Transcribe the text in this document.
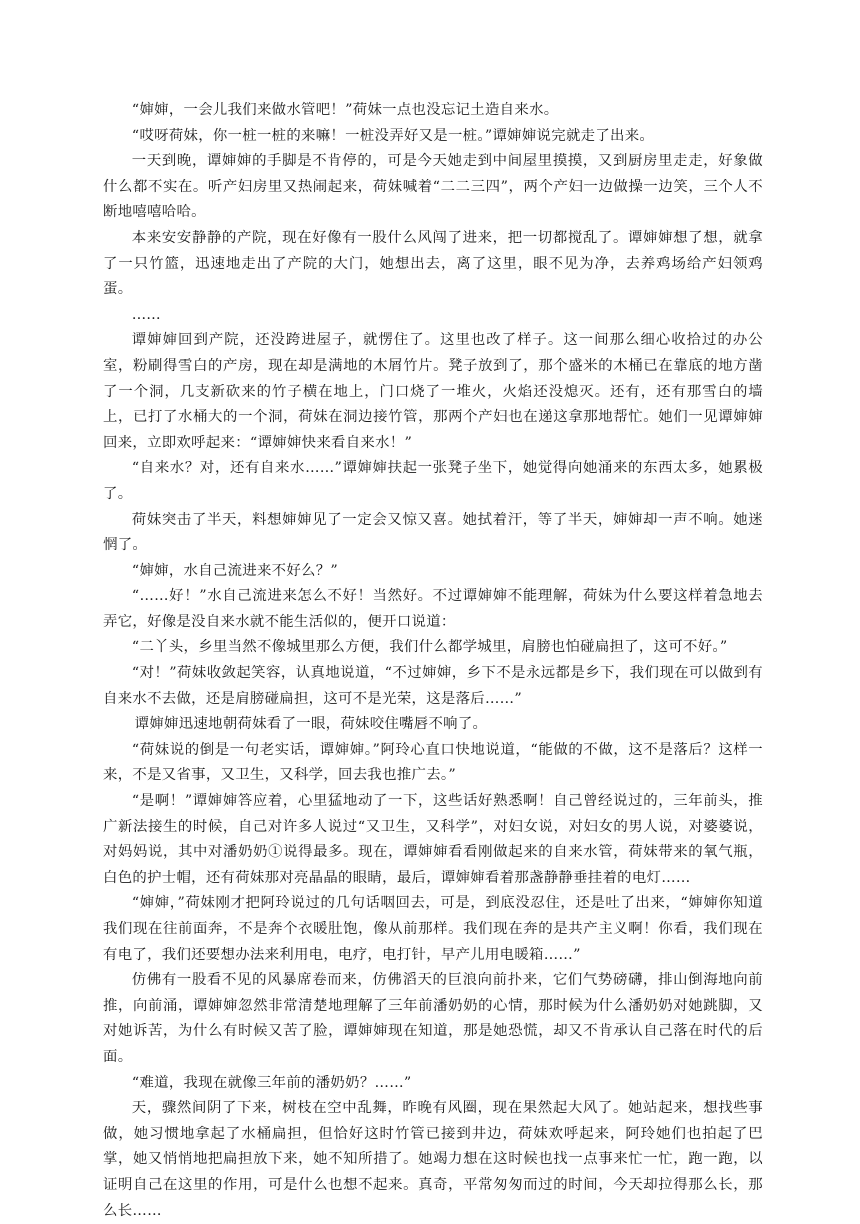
“婶婶，一会儿我们来做水管吧！”荷妹一点也没忘记土造自来水。

“哎呀荷妹，你一桩一桩的来嘛！一桩没弄好又是一桩。”谭婶婶说完就走了出来。

一天到晚，谭婶婶的手脚是不肯停的，可是今天她走到中间屋里摸摸，又到厨房里走走，好象做什么都不实在。听产妇房里又热闹起来，荷妹喊着“二二三四”，两个产妇一边做操一边笑，三个人不断地嘻嘻哈哈。

本来安安静静的产院，现在好像有一股什么风闯了进来，把一切都搅乱了。谭婶婶想了想，就拿了一只竹篮，迅速地走出了产院的大门，她想出去，离了这里，眼不见为净，去养鸡场给产妇领鸡蛋。

……

谭婶婶回到产院，还没跨进屋子，就愣住了。这里也改了样子。这一间那么细心收拾过的办公室，粉刷得雪白的产房，现在却是满地的木屑竹片。凳子放到了，那个盛米的木桶已在靠底的地方凿了一个洞，几支新砍来的竹子横在地上，门口烧了一堆火，火焰还没熄灭。还有，还有那雪白的墙上，已打了水桶大的一个洞，荷妹在洞边接竹管，那两个产妇也在递这拿那地帮忙。她们一见谭婶婶回来，立即欢呼起来：“谭婶婶快来看自来水！”

“自来水？对，还有自来水……”谭婶婶扶起一张凳子坐下，她觉得向她涌来的东西太多，她累极了。

荷妹突击了半天，料想婶婶见了一定会又惊又喜。她拭着汗，等了半天，婶婶却一声不响。她迷惘了。

“婶婶，水自己流进来不好么？”

“……好！”水自己流进来怎么不好！当然好。不过谭婶婶不能理解，荷妹为什么要这样着急地去弄它，好像是没自来水就不能生活似的，便开口说道：

“二丫头，乡里当然不像城里那么方便，我们什么都学城里，肩膀也怕碰扁担了，这可不好。”

“对！”荷妹收敛起笑容，认真地说道，“不过婶婶，乡下不是永远都是乡下，我们现在可以做到有自来水不去做，还是肩膀碰扁担，这可不是光荣，这是落后……”

谭婶婶迅速地朝荷妹看了一眼，荷妹咬住嘴唇不响了。

“荷妹说的倒是一句老实话，谭婶婶。”阿玲心直口快地说道，“能做的不做，这不是落后？这样一来，不是又省事，又卫生，又科学，回去我也推广去。”

“是啊！”谭婶婶答应着，心里猛地动了一下，这些话好熟悉啊！自己曾经说过的，三年前头，推广新法接生的时候，自己对许多人说过“又卫生，又科学”，对妇女说，对妇女的男人说，对婆婆说，对妈妈说，其中对潘奶奶①说得最多。现在，谭婶婶看看刚做起来的自来水管，荷妹带来的氧气瓶，白色的护士帽，还有荷妹那对亮晶晶的眼睛，最后，谭婶婶看着那盏静静垂挂着的电灯……

“婶婶，”荷妹刚才把阿玲说过的几句话咽回去，可是，到底没忍住，还是吐了出来，“婶婶你知道我们现在往前面奔，不是奔个衣暖肚饱，像从前那样。我们现在奔的是共产主义啊！你看，我们现在有电了，我们还要想办法来利用电，电疗，电打针，早产儿用电暖箱……”

仿佛有一股看不见的风暴席卷而来，仿佛滔天的巨浪向前扑来，它们气势磅礴，排山倒海地向前推，向前涌，谭婶婶忽然非常清楚地理解了三年前潘奶奶的心情，那时候为什么潘奶奶对她跳脚，又对她诉苦，为什么有时候又苦了脸，谭婶婶现在知道，那是她恐慌，却又不肯承认自己落在时代的后面。

“难道，我现在就像三年前的潘奶奶？……”

天，骤然间阴了下来，树枝在空中乱舞，昨晚有风圈，现在果然起大风了。她站起来，想找些事做，她习惯地拿起了水桶扁担，但恰好这时竹管已接到井边，荷妹欢呼起来，阿玲她们也拍起了巴掌，她又悄悄地把扁担放下来，她不知所措了。她竭力想在这时候也找一点事来忙一忙，跑一跑，以证明自己在这里的作用，可是什么也想不起来。真奇，平常匆匆而过的时间，今天却拉得那么长，那么长……
